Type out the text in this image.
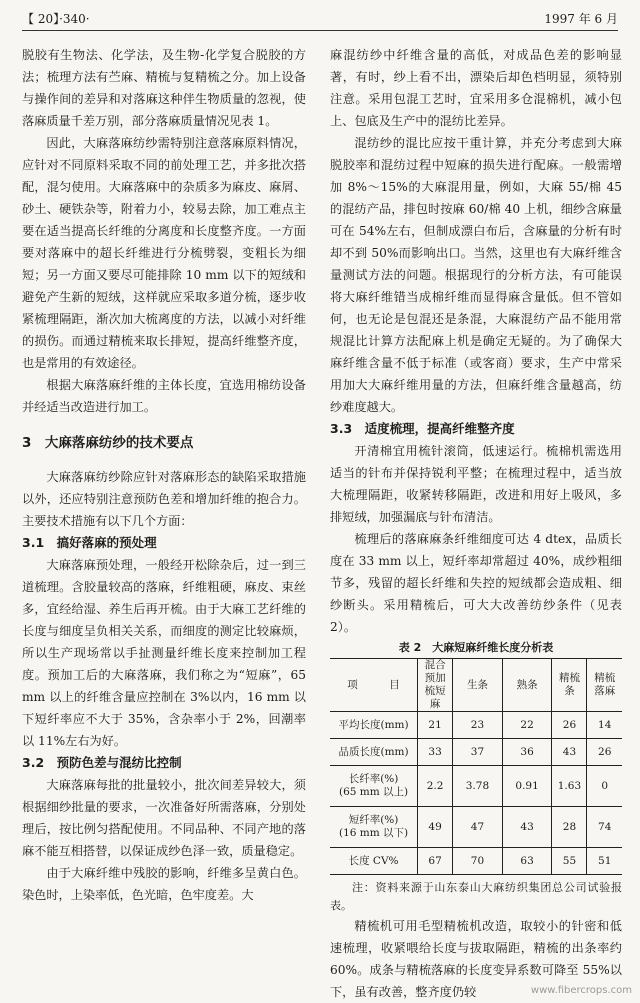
【 20】·340·	1997 年 6 月

脱胶有生物法、化学法，及生物-化学复合脱胶的方法；梳理方法有苎麻、精梳与复精梳之分。加上设备与操作间的差异和对落麻这种伴生物质量的忽视，使落麻质量千差万别，部分落麻质量情况见表 1。

因此，大麻落麻纺纱需特别注意落麻原料情况，应针对不同原料采取不同的前处理工艺，并多批次搭配，混匀使用。大麻落麻中的杂质多为麻皮、麻屑、砂土、硬铁杂等，附着力小，较易去除，加工难点主要在适当提高长纤维的分离度和长度整齐度。一方面要对落麻中的超长纤维进行分梳劈裂，变粗长为细短；另一方面又要尽可能排除 10 mm 以下的短绒和避免产生新的短绒，这样就应采取多道分梳，逐步收紧梳理隔距，渐次加大梳离度的方法，以减小对纤维的损伤。而通过精梳来取长排短，提高纤维整齐度，也是常用的有效途径。

根据大麻落麻纤维的主体长度，宜选用棉纺设备并经适当改造进行加工。

3　大麻落麻纺纱的技术要点

大麻落麻纺纱除应针对落麻形态的缺陷采取措施以外，还应特别注意预防色差和增加纤维的抱合力。主要技术措施有以下几个方面：

3.1　搞好落麻的预处理

大麻落麻预处理，一般经开松除杂后，过一到三道梳理。含胶量较高的落麻，纤维粗硬，麻皮、束丝多，宜经给湿、养生后再开梳。由于大麻工艺纤维的长度与细度呈负相关关系，而细度的测定比较麻烦，所以生产现场常以手扯测量纤维长度来控制加工程度。预加工后的大麻落麻，我们称之为“短麻”，65 mm 以上的纤维含量应控制在 3%以内，16 mm 以下短纤率应不大于 35%，含杂率小于 2%，回潮率以 11%左右为好。

3.2　预防色差与混纺比控制

大麻落麻每批的批量较小，批次间差异较大，须根据细纱批量的要求，一次准备好所需落麻，分别处理后，按比例匀搭配使用。不同品种、不同产地的落麻不能互相搭替，以保证成纱色泽一致，质量稳定。

由于大麻纤维中残胶的影响，纤维多呈黄白色。染色时，上染率低，色光暗，色牢度差。大

麻混纺纱中纤维含量的高低，对成品色差的影响显著，有时，纱上看不出，漂染后却色档明显，须特别注意。采用包混工艺时，宜采用多仓混棉机，减小包上、包底及生产中的混纺比差异。

混纺纱的混比应按干重计算，并充分考虑到大麻脱胶率和混纺过程中短麻的损失进行配麻。一般需增加 8%～15%的大麻混用量，例如，大麻 55/棉 45 的混纺产品，排包时按麻 60/棉 40 上机，细纱含麻量可在 54%左右，但制成漂白布后，含麻量的分析有时却不到 50%而影响出口。当然，这里也有大麻纤维含量测试方法的问题。根据现行的分析方法，有可能误将大麻纤维错当成棉纤维而显得麻含量低。但不管如何，也无论是包混还是条混，大麻混纺产品不能用常规混比计算方法配麻上机是确定无疑的。为了确保大麻纤维含量不低于标准（或客商）要求，生产中常采用加大大麻纤维用量的方法，但麻纤维含量越高，纺纱难度越大。

3.3　适度梳理，提高纤维整齐度

开清棉宜用梳针滚筒，低速运行。梳棉机需选用适当的针布并保持锐利平整；在梳理过程中，适当放大梳理隔距，收紧转移隔距，改进和用好上吸风，多排短绒，加强漏底与针布清洁。

梳理后的落麻麻条纤维细度可达 4 dtex，品质长度在 33 mm 以上，短纤率却常超过 40%，成纱粗细节多，残留的超长纤维和失控的短绒都会造成粗、细纱断头。采用精梳后，可大大改善纺纱条件（见表 2）。

表 2　大麻短麻纤维长度分析表
项　　　目	混合预加梳短麻	生条	熟条	精梳条	精梳落麻
平均长度(mm)	21	23	22	26	14
品质长度(mm)	33	37	36	43	26
长纤率(%)
(65 mm 以上)	2.2	3.78	0.91	1.63	0
短纤率(%)
(16 mm 以下)	49	47	43	28	74
长度 CV%	67	70	63	55	51

注：资料来源于山东泰山大麻纺织集团总公司试验报表。

精梳机可用毛型精梳机改造，取较小的针密和低速梳理，收紧喂给长度与拔取隔距，精梳的出条率约 60%。成条与精梳落麻的长度变异系数可降至 55%以下，虽有改善，整齐度仍较	www.fibercrops.com
